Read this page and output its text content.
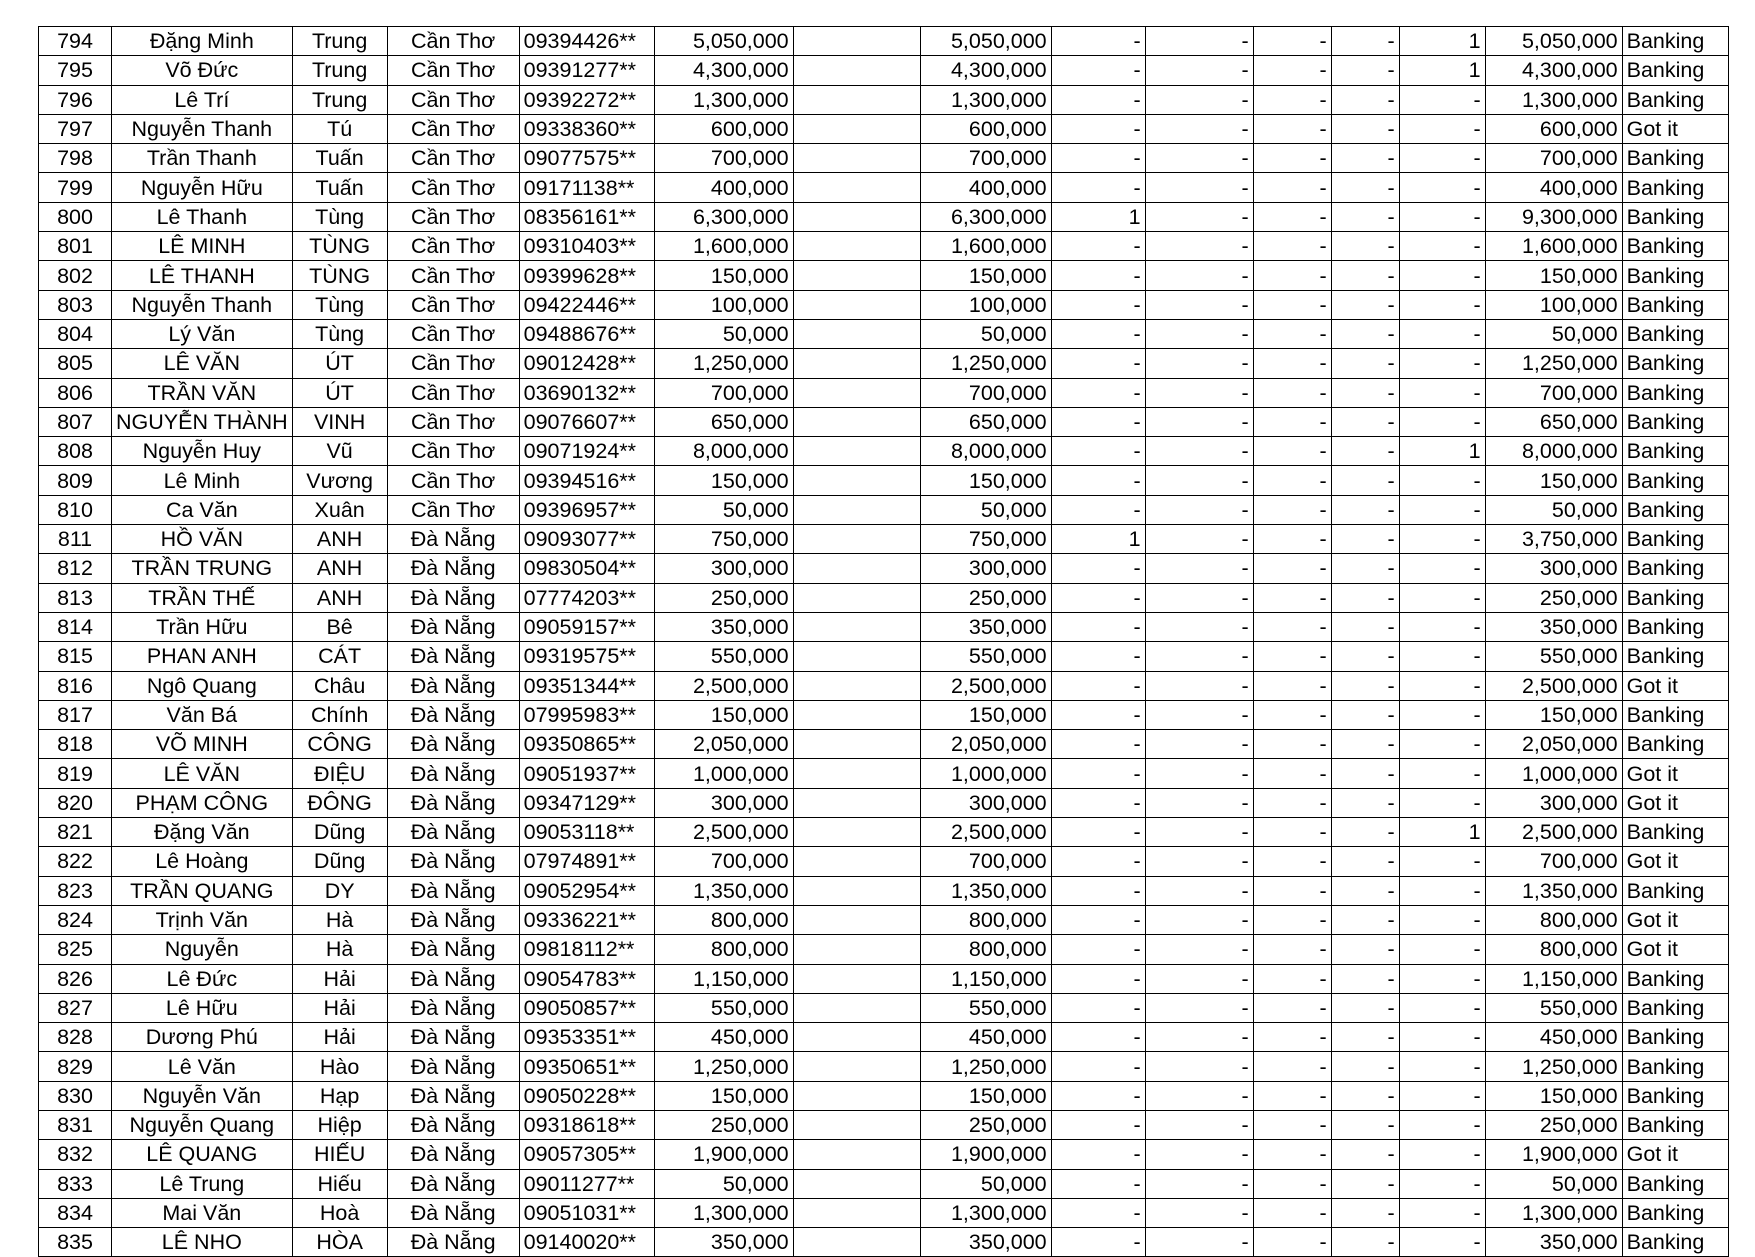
794	Đặng Minh	Trung	Cần Thơ	09394426**	5,050,000		5,050,000	-	-	-	-	1	5,050,000	Banking
795	Võ Đức	Trung	Cần Thơ	09391277**	4,300,000		4,300,000	-	-	-	-	1	4,300,000	Banking
796	Lê Trí	Trung	Cần Thơ	09392272**	1,300,000		1,300,000	-	-	-	-	-	1,300,000	Banking
797	Nguyễn Thanh	Tú	Cần Thơ	09338360**	600,000		600,000	-	-	-	-	-	600,000	Got it
798	Trần Thanh	Tuấn	Cần Thơ	09077575**	700,000		700,000	-	-	-	-	-	700,000	Banking
799	Nguyễn Hữu	Tuấn	Cần Thơ	09171138**	400,000		400,000	-	-	-	-	-	400,000	Banking
800	Lê Thanh	Tùng	Cần Thơ	08356161**	6,300,000		6,300,000	1	-	-	-	-	9,300,000	Banking
801	LÊ MINH	TÙNG	Cần Thơ	09310403**	1,600,000		1,600,000	-	-	-	-	-	1,600,000	Banking
802	LÊ THANH	TÙNG	Cần Thơ	09399628**	150,000		150,000	-	-	-	-	-	150,000	Banking
803	Nguyễn Thanh	Tùng	Cần Thơ	09422446**	100,000		100,000	-	-	-	-	-	100,000	Banking
804	Lý Văn	Tùng	Cần Thơ	09488676**	50,000		50,000	-	-	-	-	-	50,000	Banking
805	LÊ VĂN	ÚT	Cần Thơ	09012428**	1,250,000		1,250,000	-	-	-	-	-	1,250,000	Banking
806	TRẦN VĂN	ÚT	Cần Thơ	03690132**	700,000		700,000	-	-	-	-	-	700,000	Banking
807	NGUYỄN THÀNH	VINH	Cần Thơ	09076607**	650,000		650,000	-	-	-	-	-	650,000	Banking
808	Nguyễn Huy	Vũ	Cần Thơ	09071924**	8,000,000		8,000,000	-	-	-	-	1	8,000,000	Banking
809	Lê Minh	Vương	Cần Thơ	09394516**	150,000		150,000	-	-	-	-	-	150,000	Banking
810	Ca Văn	Xuân	Cần Thơ	09396957**	50,000		50,000	-	-	-	-	-	50,000	Banking
811	HỒ VĂN	ANH	Đà Nẵng	09093077**	750,000		750,000	1	-	-	-	-	3,750,000	Banking
812	TRẦN TRUNG	ANH	Đà Nẵng	09830504**	300,000		300,000	-	-	-	-	-	300,000	Banking
813	TRẦN THẾ	ANH	Đà Nẵng	07774203**	250,000		250,000	-	-	-	-	-	250,000	Banking
814	Trần Hữu	Bê	Đà Nẵng	09059157**	350,000		350,000	-	-	-	-	-	350,000	Banking
815	PHAN ANH	CÁT	Đà Nẵng	09319575**	550,000		550,000	-	-	-	-	-	550,000	Banking
816	Ngô Quang	Châu	Đà Nẵng	09351344**	2,500,000		2,500,000	-	-	-	-	-	2,500,000	Got it
817	Văn Bá	Chính	Đà Nẵng	07995983**	150,000		150,000	-	-	-	-	-	150,000	Banking
818	VÕ MINH	CÔNG	Đà Nẵng	09350865**	2,050,000		2,050,000	-	-	-	-	-	2,050,000	Banking
819	LÊ VĂN	ĐIỆU	Đà Nẵng	09051937**	1,000,000		1,000,000	-	-	-	-	-	1,000,000	Got it
820	PHẠM CÔNG	ĐÔNG	Đà Nẵng	09347129**	300,000		300,000	-	-	-	-	-	300,000	Got it
821	Đặng Văn	Dũng	Đà Nẵng	09053118**	2,500,000		2,500,000	-	-	-	-	1	2,500,000	Banking
822	Lê Hoàng	Dũng	Đà Nẵng	07974891**	700,000		700,000	-	-	-	-	-	700,000	Got it
823	TRẦN QUANG	DY	Đà Nẵng	09052954**	1,350,000		1,350,000	-	-	-	-	-	1,350,000	Banking
824	Trịnh Văn	Hà	Đà Nẵng	09336221**	800,000		800,000	-	-	-	-	-	800,000	Got it
825	Nguyễn	Hà	Đà Nẵng	09818112**	800,000		800,000	-	-	-	-	-	800,000	Got it
826	Lê Đức	Hải	Đà Nẵng	09054783**	1,150,000		1,150,000	-	-	-	-	-	1,150,000	Banking
827	Lê Hữu	Hải	Đà Nẵng	09050857**	550,000		550,000	-	-	-	-	-	550,000	Banking
828	Dương Phú	Hải	Đà Nẵng	09353351**	450,000		450,000	-	-	-	-	-	450,000	Banking
829	Lê Văn	Hào	Đà Nẵng	09350651**	1,250,000		1,250,000	-	-	-	-	-	1,250,000	Banking
830	Nguyễn Văn	Hạp	Đà Nẵng	09050228**	150,000		150,000	-	-	-	-	-	150,000	Banking
831	Nguyễn Quang	Hiệp	Đà Nẵng	09318618**	250,000		250,000	-	-	-	-	-	250,000	Banking
832	LÊ QUANG	HIẾU	Đà Nẵng	09057305**	1,900,000		1,900,000	-	-	-	-	-	1,900,000	Got it
833	Lê Trung	Hiếu	Đà Nẵng	09011277**	50,000		50,000	-	-	-	-	-	50,000	Banking
834	Mai Văn	Hoà	Đà Nẵng	09051031**	1,300,000		1,300,000	-	-	-	-	-	1,300,000	Banking
835	LÊ NHO	HÒA	Đà Nẵng	09140020**	350,000		350,000	-	-	-	-	-	350,000	Banking
